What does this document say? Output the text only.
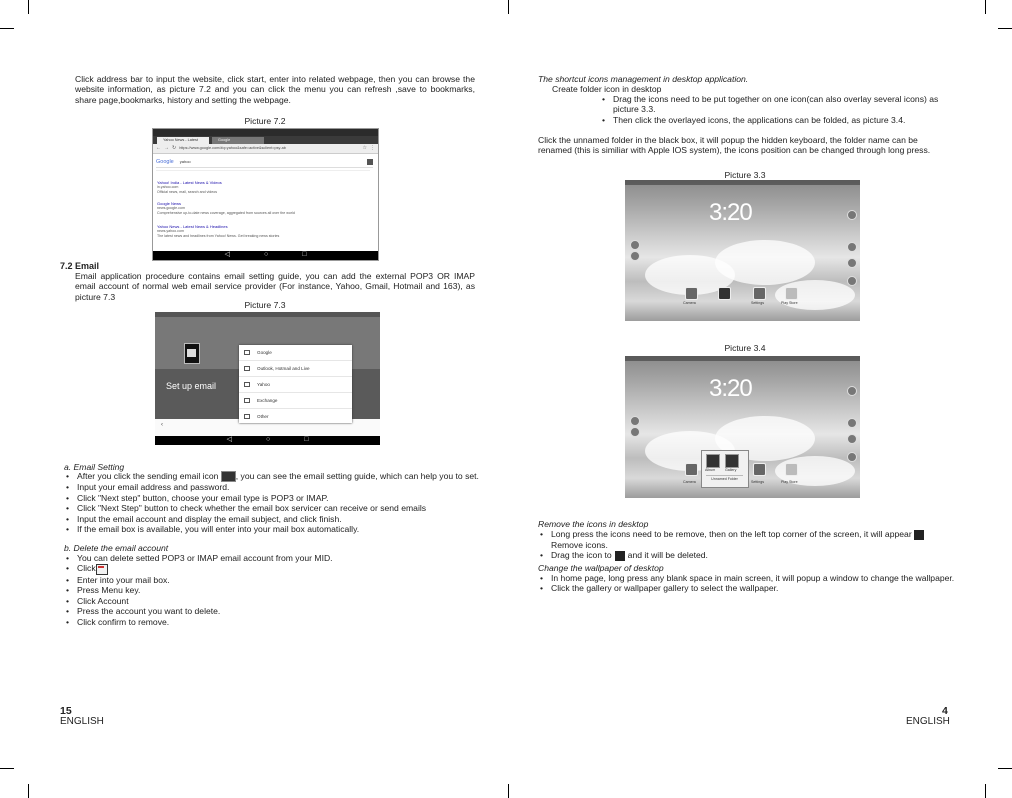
Click address bar to input the website, click start, enter into related webpage, then you can browse the website information, as picture 7.2 and you can click the menu you can refresh ,save to bookmarks, share page,bookmarks, history and setting the webpage.

Picture 7.2
Yahoo News - Latest	Google
← → ↻ https://www.google.com/#q=yahoo&safe=active&sclient=psy-ab	☆ ⋮
Google yahoo
Yahoo! India - Latest News & Videos
in.yahoo.com
Official news, mail, search and videos
Google News
news.google.com
Comprehensive up-to-date news coverage, aggregated from sources all over the world
Yahoo News - Latest News & Headlines
news.yahoo.com
The latest news and headlines from Yahoo! News. Get breaking news stories
◁	○	□
7.2 Email

Email application procedure contains email setting guide, you can add the external POP3 OR IMAP email account of normal web email service provider (For instance, Yahoo, Gmail, Hotmail and 163), as picture 7.3

Picture 7.3
‹
Set up email
Google
Outlook, Hotmail and Live
Yahoo
Exchange
Other
◁	○	□
a. Email Setting
• After you click the sending email icon , you can see the email setting guide, which can help you to set.
• Input your email address and password.
• Click "Next step" button, choose your email type is POP3 or IMAP.
• Click "Next Step" button to check whether the email box servicer can receive or send emails
• Input the email account and display the email subject, and click finish.
• If the email box is available, you will enter into your mail box automatically.
b. Delete the email account
• You can delete setted POP3 or IMAP email account from your MID.
• Click
• Enter into your mail box.
• Press Menu key.
• Click Account
• Press the account you want to delete.
• Click confirm to remove.
15
ENGLISH
The shortcut icons management in desktop application.
Create folder icon in desktop
• Drag the icons need to be put together on one icon(can also overlay several icons) as picture 3.3.
• Then click the overlayed icons, the applications can be folded, as picture 3.4.

Click the unnamed folder in the black box, it will popup the hidden keyboard, the folder name can be renamed (this is similiar with Apple IOS system), the icons position can be changed through long press.

Picture 3.3
3:20
Camera	Settings	Play Store
Picture 3.4
3:20
Album	Gallery
Unnamed Folder
Camera	Settings	Play Store
Remove the icons in desktop
• Long press the icons need to be remove, then on the left top corner of the screen, it will appear
Remove icons.
• Drag the icon to and it will be deleted.
Change the wallpaper of desktop
• In home page, long press any blank space in main screen, it will popup a window to change the wallpaper.
• Click the gallery or wallpaper gallery to select the wallpaper.
4
ENGLISH
